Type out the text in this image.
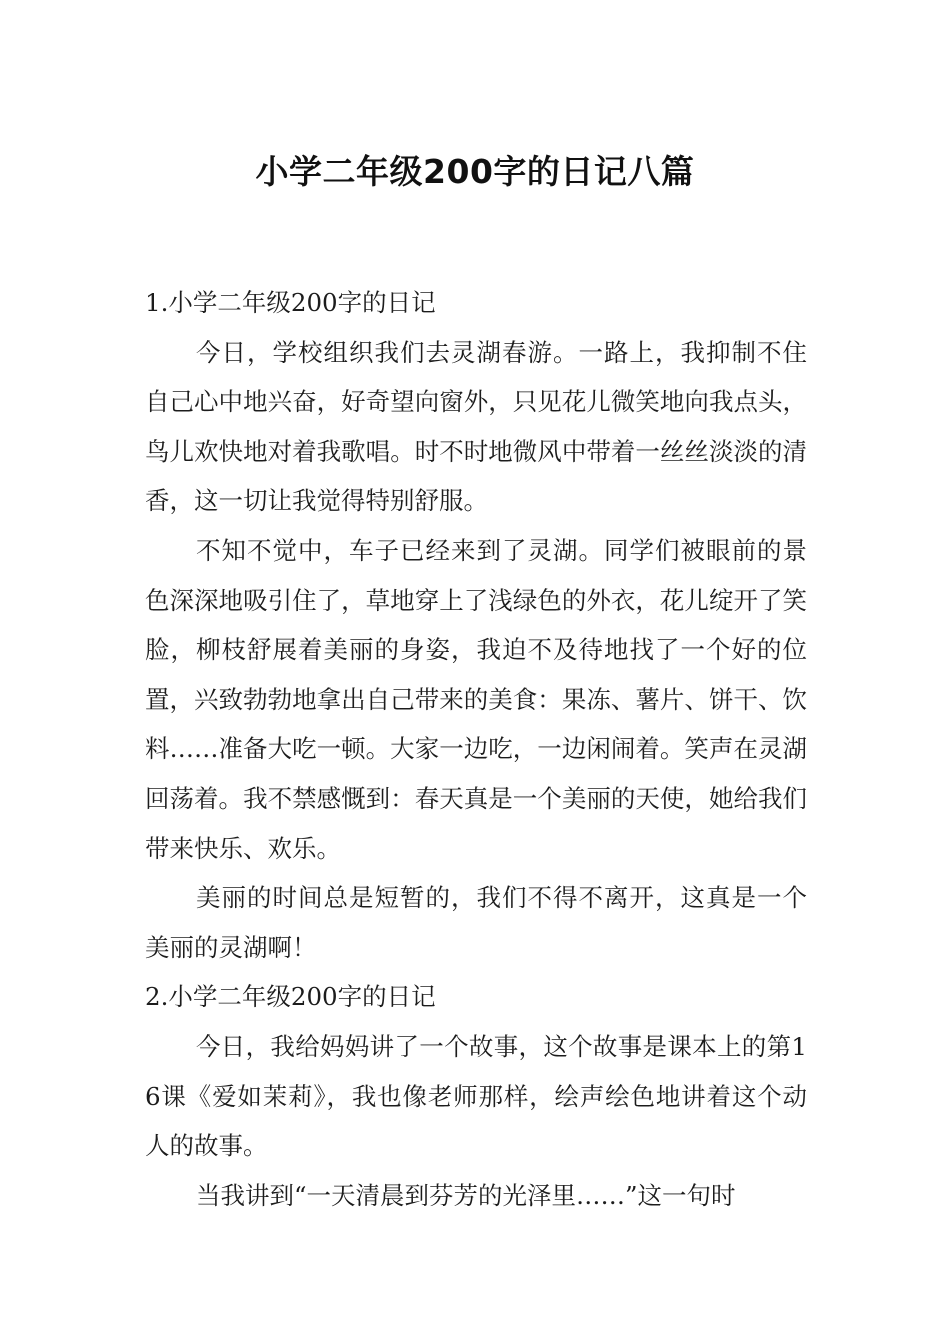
小学二年级200字的日记八篇
1.小学二年级200字的日记

今日，学校组织我们去灵湖春游。一路上，我抑制不住自己心中地兴奋，好奇望向窗外，只见花儿微笑地向我点头，鸟儿欢快地对着我歌唱。时不时地微风中带着一丝丝淡淡的清香，这一切让我觉得特别舒服。

不知不觉中，车子已经来到了灵湖。同学们被眼前的景色深深地吸引住了，草地穿上了浅绿色的外衣，花儿绽开了笑脸，柳枝舒展着美丽的身姿，我迫不及待地找了一个好的位置，兴致勃勃地拿出自己带来的美食：果冻、薯片、饼干、饮料……准备大吃一顿。大家一边吃，一边闲闹着。笑声在灵湖回荡着。我不禁感慨到：春天真是一个美丽的天使，她给我们带来快乐、欢乐。

美丽的时间总是短暂的，我们不得不离开，这真是一个美丽的灵湖啊！

2.小学二年级200字的日记

今日，我给妈妈讲了一个故事，这个故事是课本上的第16课《爱如茉莉》，我也像老师那样，绘声绘色地讲着这个动人的故事。

当我讲到“一天清晨到芬芳的光泽里……”这一句时
